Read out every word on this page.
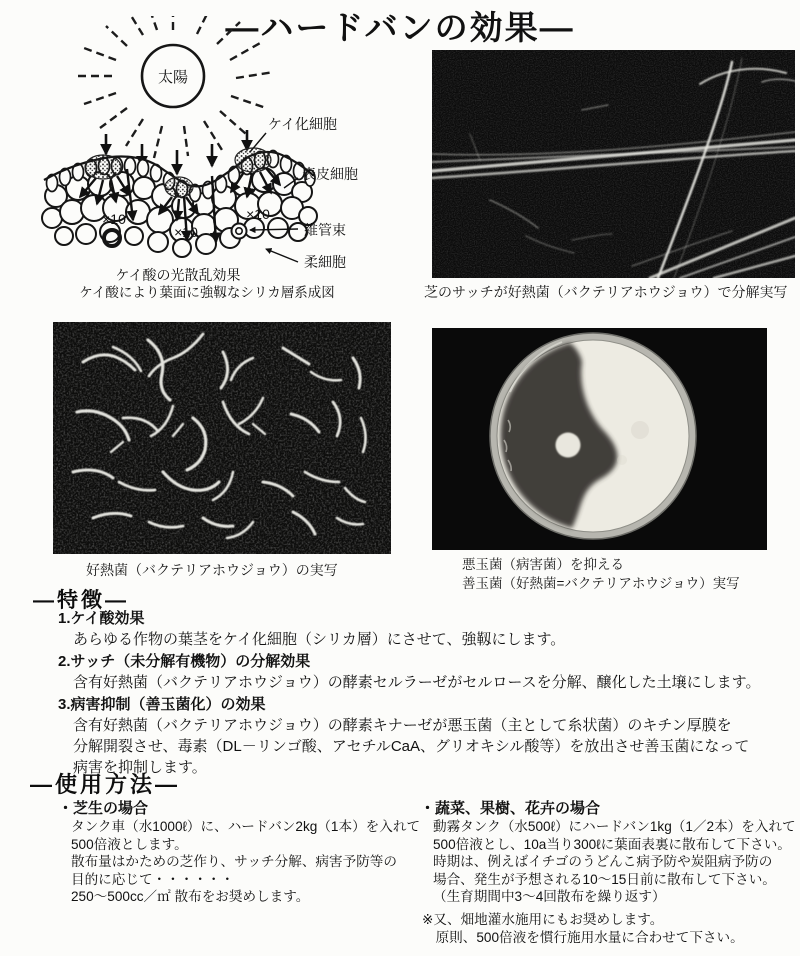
—ハードバンの効果—
太陽
×10
×10
×10
ケイ化細胞
表皮細胞
維管束
柔細胞
ケイ酸の光散乱効果
ケイ酸により葉面に強靱なシリカ層系成図	芝のサッチが好熱菌（バクテリアホウジョウ）で分解実写
好熱菌（バクテリアホウジョウ）の実写	悪玉菌（病害菌）を抑える
善玉菌（好熱菌=バクテリアホウジョウ）実写
—特徴—
1.ケイ酸効果
あらゆる作物の葉茎をケイ化細胞（シリカ層）にさせて、強靱にします。
2.サッチ（未分解有機物）の分解効果
含有好熱菌（バクテリアホウジョウ）の酵素セルラーゼがセルロースを分解、醸化した土壌にします。
3.病害抑制（善玉菌化）の効果
含有好熱菌（バクテリアホウジョウ）の酵素キナーゼが悪玉菌（主として糸状菌）のキチン厚膜を
分解開裂させ、毒素（DL－リンゴ酸、アセチルCaA、グリオキシル酸等）を放出させ善玉菌になって
病害を抑制します。
—使用方法—
・芝生の場合
タンク車（水1000ℓ）に、ハードバン2kg（1本）を入れて
500倍液とします。
散布量はかための芝作り、サッチ分解、病害予防等の
目的に応じて・・・・・・
250～500cc／㎡ 散布をお奨めします。
・蔬菜、果樹、花卉の場合
動霧タンク（水500ℓ）にハードバン1kg（1／2本）を入れて
500倍液とし、10a当り300ℓに葉面表裏に散布して下さい。
時期は、例えばイチゴのうどんこ病予防や炭阻病予防の
場合、発生が予想される10～15日前に散布して下さい。
（生育期間中3～4回散布を繰り返す）
※又、畑地灌水施用にもお奨めします。
　原則、500倍液を慣行施用水量に合わせて下さい。
